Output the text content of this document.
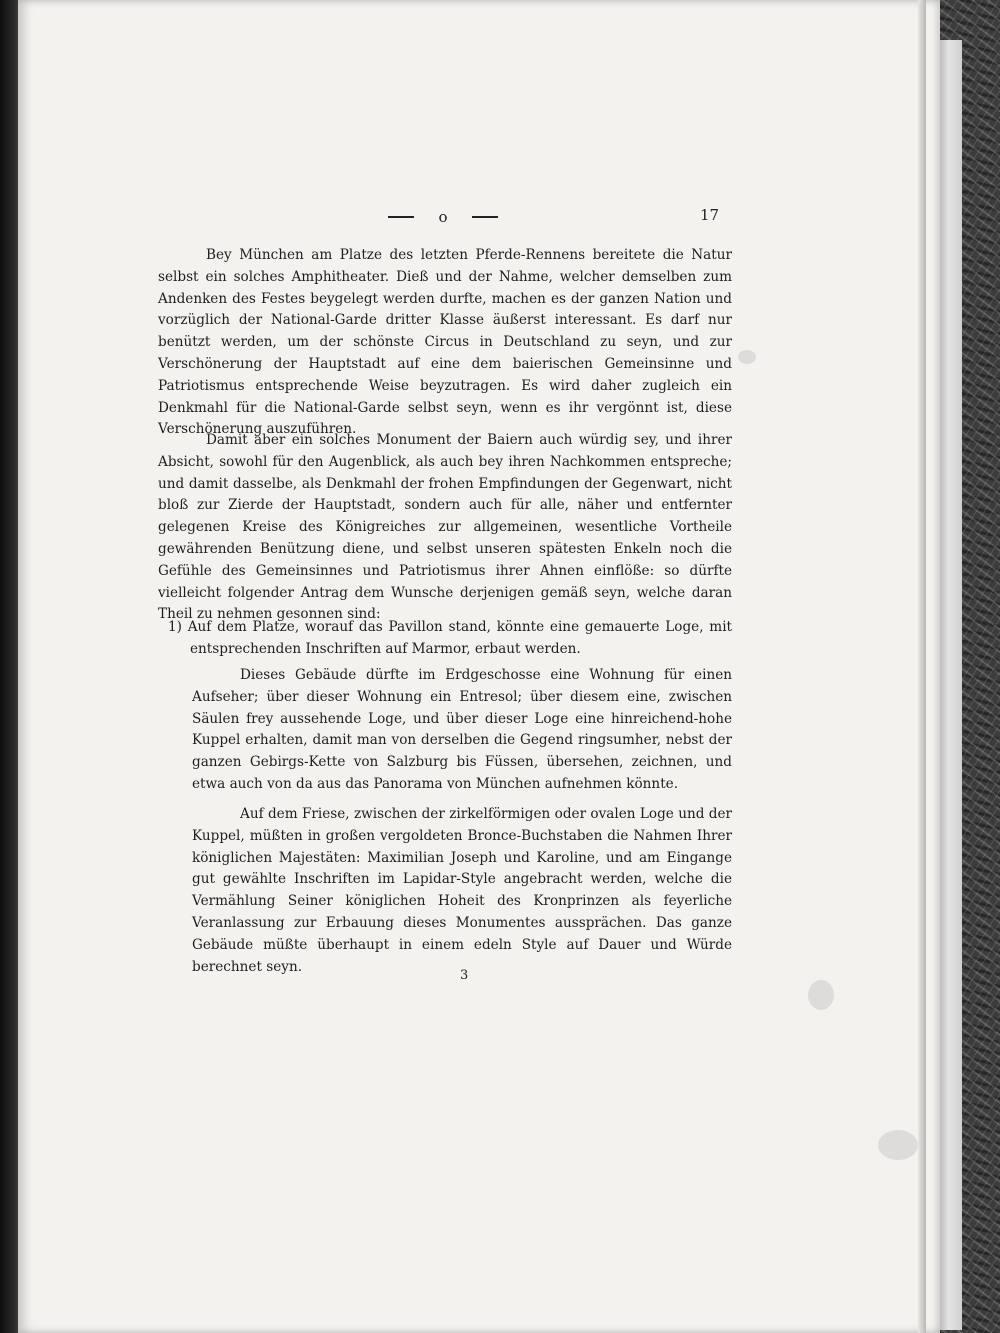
o	17

Bey München am Platze des letzten Pferde-Rennens bereitete die Natur selbst ein solches Amphitheater. Dieß und der Nahme, welcher demselben zum Andenken des Festes beygelegt werden durfte, machen es der ganzen Nation und vorzüglich der National-Garde dritter Klasse äußerst interessant. Es darf nur benützt werden, um der schönste Circus in Deutschland zu seyn, und zur Verschönerung der Hauptstadt auf eine dem baierischen Gemeinsinne und Patriotismus entsprechende Weise beyzutragen. Es wird daher zugleich ein Denkmahl für die National-Garde selbst seyn, wenn es ihr vergönnt ist, diese Verschönerung auszuführen.

Damit aber ein solches Monument der Baiern auch würdig sey, und ihrer Absicht, sowohl für den Augenblick, als auch bey ihren Nachkommen entspreche; und damit dasselbe, als Denkmahl der frohen Empfindungen der Gegenwart, nicht bloß zur Zierde der Hauptstadt, sondern auch für alle, näher und entfernter gelegenen Kreise des Königreiches zur allgemeinen, wesentliche Vortheile gewährenden Benützung diene, und selbst unseren spätesten Enkeln noch die Gefühle des Gemeinsinnes und Patriotismus ihrer Ahnen einflöße: so dürfte vielleicht folgender Antrag dem Wunsche derjenigen gemäß seyn, welche daran Theil zu nehmen gesonnen sind:

1) Auf dem Platze, worauf das Pavillon stand, könnte eine gemauerte Loge, mit entsprechenden Inschriften auf Marmor, erbaut werden.

Dieses Gebäude dürfte im Erdgeschosse eine Wohnung für einen Aufseher; über dieser Wohnung ein Entresol; über diesem eine, zwischen Säulen frey aussehende Loge, und über dieser Loge eine hinreichend-hohe Kuppel erhalten, damit man von derselben die Gegend ringsumher, nebst der ganzen Gebirgs-Kette von Salzburg bis Füssen, übersehen, zeichnen, und etwa auch von da aus das Panorama von München aufnehmen könnte.

Auf dem Friese, zwischen der zirkelförmigen oder ovalen Loge und der Kuppel, müßten in großen vergoldeten Bronce-Buchstaben die Nahmen Ihrer königlichen Majestäten: Maximilian Joseph und Karoline, und am Eingange gut gewählte Inschriften im Lapidar-Style angebracht werden, welche die Vermählung Seiner königlichen Hoheit des Kronprinzen als feyerliche Veranlassung zur Erbauung dieses Monumentes aussprächen. Das ganze Gebäude müßte überhaupt in einem edeln Style auf Dauer und Würde berechnet seyn.

3
